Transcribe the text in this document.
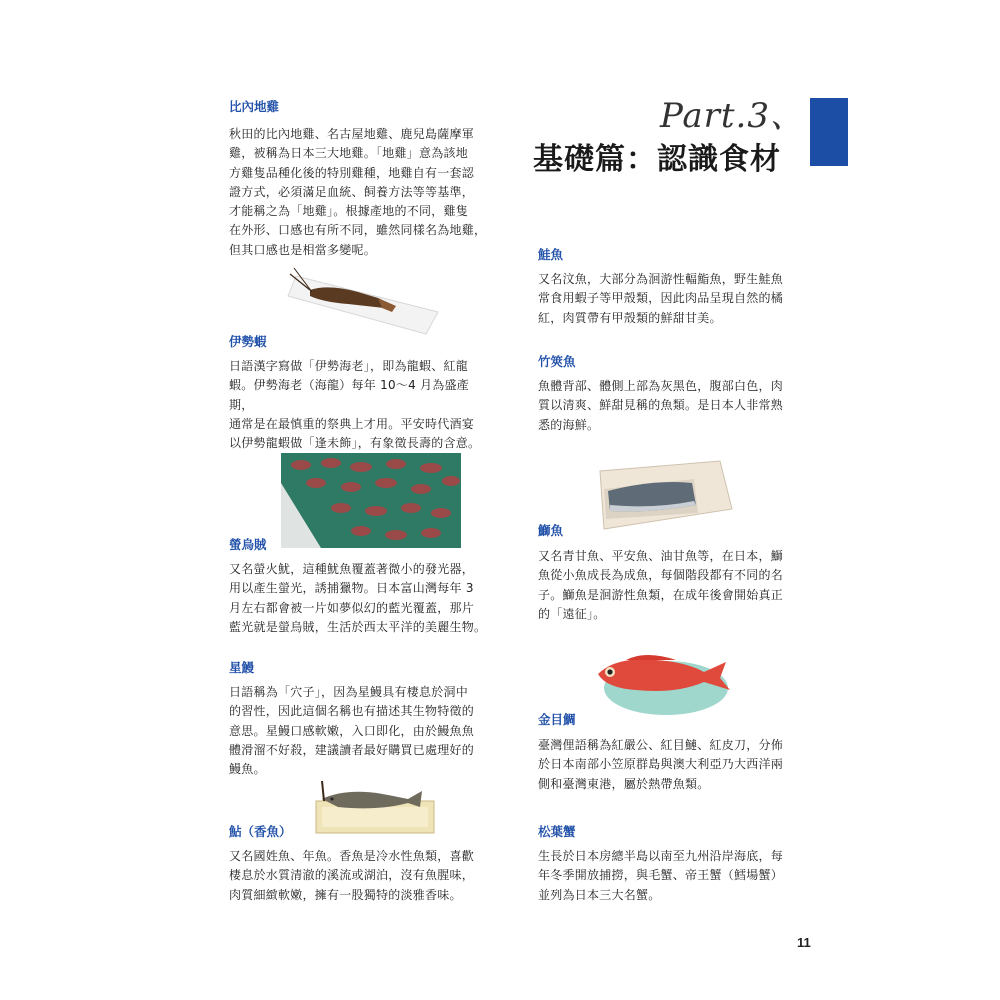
Part.3、
基礎篇：認識食材
比內地雞
秋田的比內地雞、名古屋地雞、鹿兒島薩摩軍
雞，被稱為日本三大地雞。「地雞」意為該地
方雞隻品種化後的特別雞種，地雞自有一套認
證方式，必須滿足血統、飼養方法等等基準，
才能稱之為「地雞」。根據產地的不同，雞隻
在外形、口感也有所不同，雖然同樣名為地雞，
但其口感也是相當多變呢。
伊勢蝦
日語漢字寫做「伊勢海老」，即為龍蝦、紅龍
蝦。伊勢海老（海龍）每年 10～4 月為盛產期，
通常是在最慎重的祭典上才用。平安時代酒宴
以伊勢龍蝦做「逢未飾」，有象徵長壽的含意。
螢烏賊
又名螢火魷，這種魷魚覆蓋著微小的發光器，
用以產生螢光，誘捕獵物。日本富山灣每年 3
月左右都會被一片如夢似幻的藍光覆蓋，那片
藍光就是螢烏賊，生活於西太平洋的美麗生物。
星鰻
日語稱為「穴子」，因為星鰻具有棲息於洞中
的習性，因此這個名稱也有描述其生物特徵的
意思。星鰻口感軟嫩，入口即化，由於鰻魚魚
體滑溜不好殺，建議讀者最好購買已處理好的
鰻魚。
鮎（香魚）
又名國姓魚、年魚。香魚是冷水性魚類，喜歡
棲息於水質清澈的溪流或湖泊，沒有魚腥味，
肉質細緻軟嫩，擁有一股獨特的淡雅香味。
鮭魚
又名汶魚，大部分為洄游性輻鮨魚，野生鮭魚
常食用蝦子等甲殼類，因此肉品呈現自然的橘
紅，肉質帶有甲殼類的鮮甜甘美。
竹筴魚
魚體背部、體側上部為灰黑色，腹部白色，肉
質以清爽、鮮甜見稱的魚類。是日本人非常熟
悉的海鮮。
鰤魚
又名青甘魚、平安魚、油甘魚等，在日本，鰤
魚從小魚成長為成魚，每個階段都有不同的名
子。鰤魚是洄游性魚類，在成年後會開始真正
的「遠征」。
金目鯛
臺灣俚語稱為紅嚴公、紅目鰱、紅皮刀，分佈
於日本南部小笠原群島與澳大利亞乃大西洋兩
側和臺灣東港，屬於熱帶魚類。
松葉蟹
生長於日本房總半島以南至九州沿岸海底，每
年冬季開放捕撈，與毛蟹、帝王蟹（鱈場蟹）
並列為日本三大名蟹。
11
